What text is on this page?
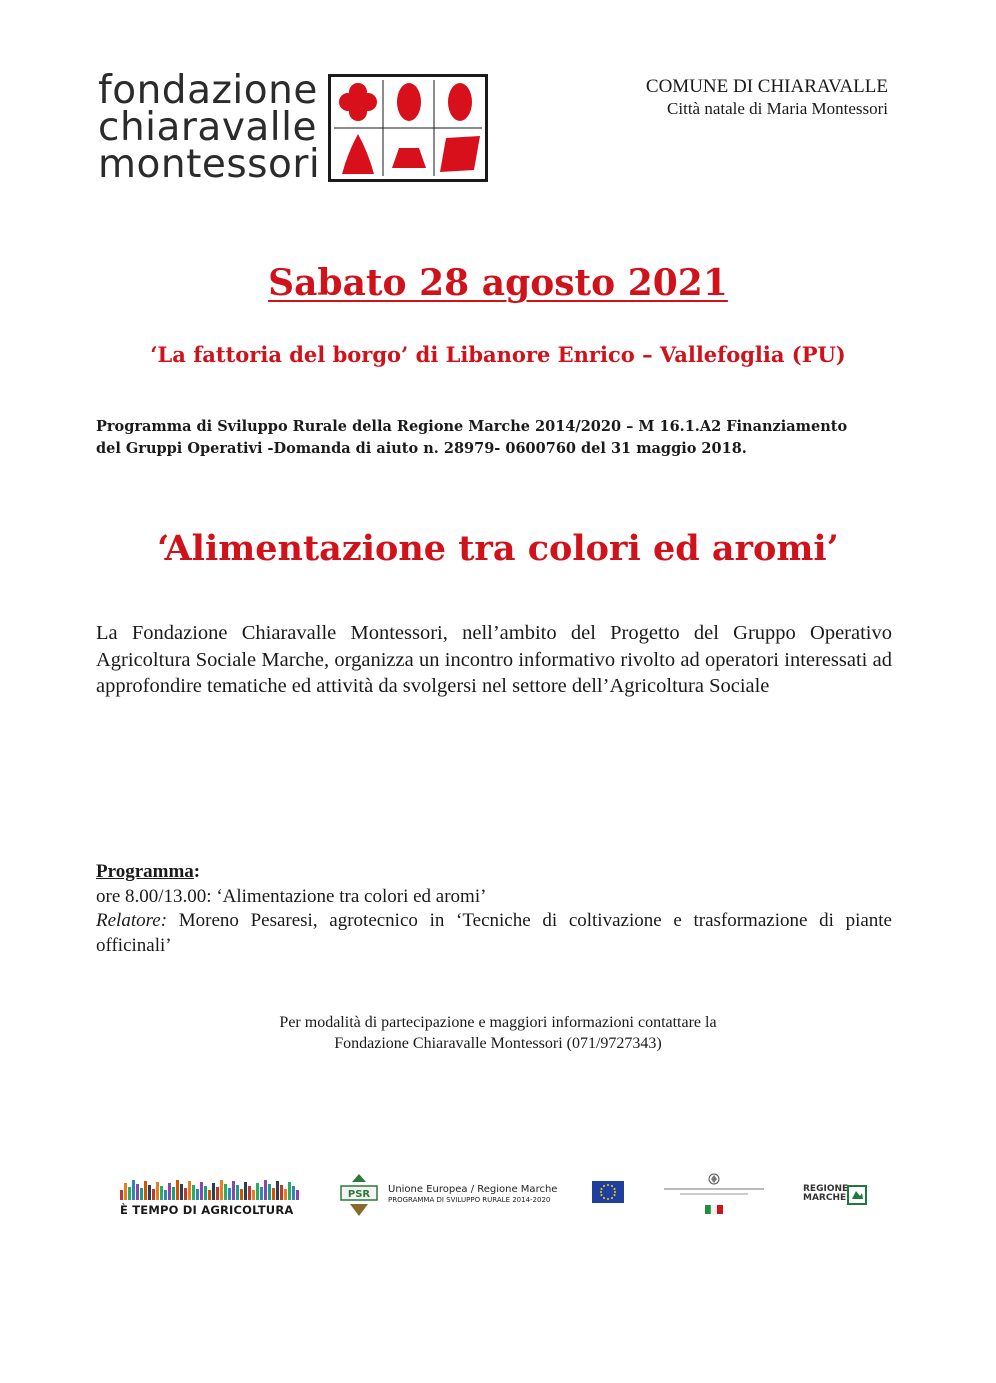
fondazione
chiaravalle
montessori
COMUNE DI CHIARAVALLE
Città natale di Maria Montessori
Sabato 28 agosto 2021
‘La fattoria del borgo’ di Libanore Enrico – Vallefoglia (PU)
Programma di Sviluppo Rurale della Regione Marche 2014/2020 – M 16.1.A2 Finanziamento
del Gruppi Operativi -Domanda di aiuto n. 28979- 0600760 del 31 maggio 2018.
‘Alimentazione tra colori ed aromi’
La Fondazione Chiaravalle Montessori, nell’ambito del Progetto del Gruppo Operativo Agricoltura Sociale Marche, organizza un incontro informativo rivolto ad operatori interessati ad approfondire tematiche ed attività da svolgersi nel settore dell’Agricoltura Sociale
Programma:
ore 8.00/13.00: ‘Alimentazione tra colori ed aromi’
Relatore: Moreno Pesaresi, agrotecnico in ‘Tecniche di coltivazione e trasformazione di piante officinali’
Per modalità di partecipazione e maggiori informazioni contattare la
Fondazione Chiaravalle Montessori (071/9727343)
È TEMPO DI AGRICOLTURA
PSR Unione Europea / Regione Marche
PROGRAMMA DI SVILUPPO RURALE 2014-2020
REGIONE
MARCHE
